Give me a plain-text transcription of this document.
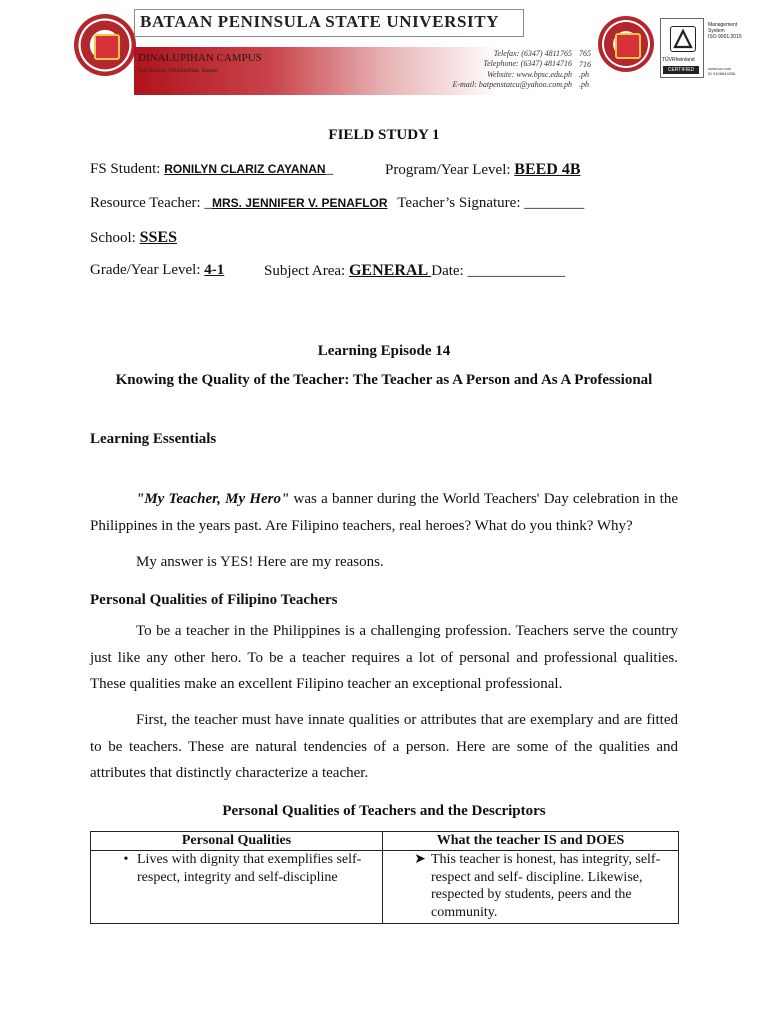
BATAAN PENINSULA STATE UNIVERSITY
DINALUPIHAN CAMPUS
San Ramon, Dinalupihan, Bataan
Telefax: (6347) 4811765
Telephone: (6347) 4814716
Website: www.bpsc.edu.ph
E-mail: batpenstatcu@yahoo.com.ph
765
716
.ph
.ph
TÜVRheinland
CERTIFIED
Management
System
ISO 9001:2015
www.tuv.com
ID 9108644336
FIELD STUDY 1
FS Student: RONILYN CLARIZ CAYANAN_	Program/Year Level: BEED 4B
Resource Teacher: _MRS. JENNIFER V. PENAFLOR Teacher’s Signature: ________
School: SSES
Grade/Year Level: 4-1	Subject Area: GENERAL Date: _____________
Learning Episode 14
Knowing the Quality of the Teacher: The Teacher as A Person and As A Professional
Learning Essentials
"My Teacher, My Hero" was a banner during the World Teachers' Day celebration in the Philippines in the years past. Are Filipino teachers, real heroes? What do you think? Why?
My answer is YES! Here are my reasons.
Personal Qualities of Filipino Teachers
To be a teacher in the Philippines is a challenging profession. Teachers serve the country just like any other hero. To be a teacher requires a lot of personal and professional qualities. These qualities make an excellent Filipino teacher an exceptional professional.
First, the teacher must have innate qualities or attributes that are exemplary and are fitted to be teachers. These are natural tendencies of a person. Here are some of the qualities and attributes that distinctly characterize a teacher.
Personal Qualities of Teachers and the Descriptors
Personal Qualities	What the teacher IS and DOES

• Lives with dignity that exemplifies self-respect, integrity and self-discipline	➤ This teacher is honest, has integrity, self-respect and self- discipline. Likewise, respected by students, peers and the community.
